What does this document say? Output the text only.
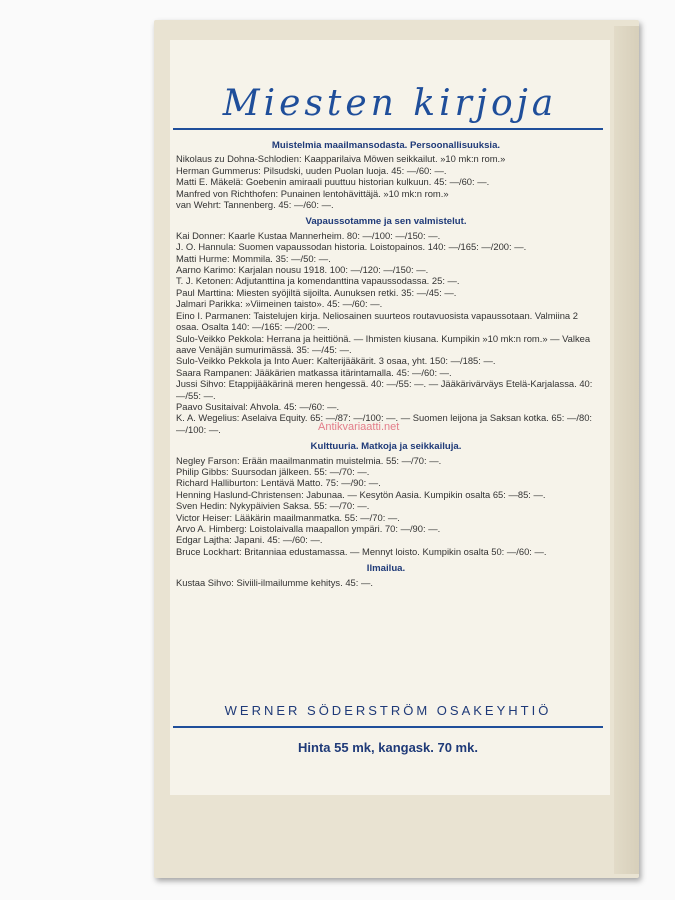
Miesten kirjoja
Muistelmia maailmansodasta. Persoonallisuuksia.

Nikolaus zu Dohna-Schlodien: Kaapparilaiva Möwen seikkailut. »10 mk:n rom.»

Herman Gummerus: Pilsudski, uuden Puolan luoja. 45: —/60: —.

Matti E. Mäkelä: Goebenin amiraali puuttuu historian kulkuun. 45: —/60: —.

Manfred von Richthofen: Punainen lentohävittäjä. »10 mk:n rom.»

van Wehrt: Tannenberg. 45: —/60: —.

Vapaussotamme ja sen valmistelut.

Kai Donner: Kaarle Kustaa Mannerheim. 80: —/100: —/150: —.

J. O. Hannula: Suomen vapaussodan historia. Loistopainos. 140: —/165: —/200: —.

Matti Hurme: Mommila. 35: —/50: —.

Aarno Karimo: Karjalan nousu 1918. 100: —/120: —/150: —.

T. J. Ketonen: Adjutanttina ja komendanttina vapaussodassa. 25: —.

Paul Marttina: Miesten syöjiltä sijoilta. Aunuksen retki. 35: —/45: —.

Jalmari Parikka: »Viimeinen taisto». 45: —/60: —.

Eino I. Parmanen: Taistelujen kirja. Neliosainen suurteos routavuosista vapaussotaan. Valmiina 2 osaa. Osalta 140: —/165: —/200: —.

Sulo-Veikko Pekkola: Herrana ja heittiönä. — Ihmisten kiusana. Kumpikin »10 mk:n rom.» — Valkea aave Venäjän sumurimässä. 35: —/45: —.

Sulo-Veikko Pekkola ja Into Auer: Kalterijääkärit. 3 osaa, yht. 150: —/185: —.

Saara Rampanen: Jääkärien matkassa itärintamalla. 45: —/60: —.

Jussi Sihvo: Etappijääkärinä meren hengessä. 40: —/55: —. — Jääkärivärväys Etelä-Karjalassa. 40: —/55: —.

Paavo Susitaival: Ahvola. 45: —/60: —.

K. A. Wegelius: Aselaiva Equity. 65: —/87: —/100: —. — Suomen leijona ja Saksan kotka. 65: —/80: —/100: —.

Kulttuuria. Matkoja ja seikkailuja.

Negley Farson: Erään maailmanmatin muistelmia. 55: —/70: —.

Philip Gibbs: Suursodan jälkeen. 55: —/70: —.

Richard Halliburton: Lentävä Matto. 75: —/90: —.

Henning Haslund-Christensen: Jabunaa. — Kesytön Aasia. Kumpikin osalta 65: —85: —.

Sven Hedin: Nykypäivien Saksa. 55: —/70: —.

Victor Heiser: Lääkärin maailmanmatka. 55: —/70: —.

Arvo A. Himberg: Loistolaivalla maapallon ympäri. 70: —/90: —.

Edgar Lajtha: Japani. 45: —/60: —.

Bruce Lockhart: Britanniaa edustamassa. — Mennyt loisto. Kumpikin osalta 50: —/60: —.

Ilmailua.

Kustaa Sihvo: Siviili-ilmailumme kehitys. 45: —.

WERNER SÖDERSTRÖM OSAKEYHTIÖ
Hinta 55 mk, kangask. 70 mk.
Antikvariaatti.net
